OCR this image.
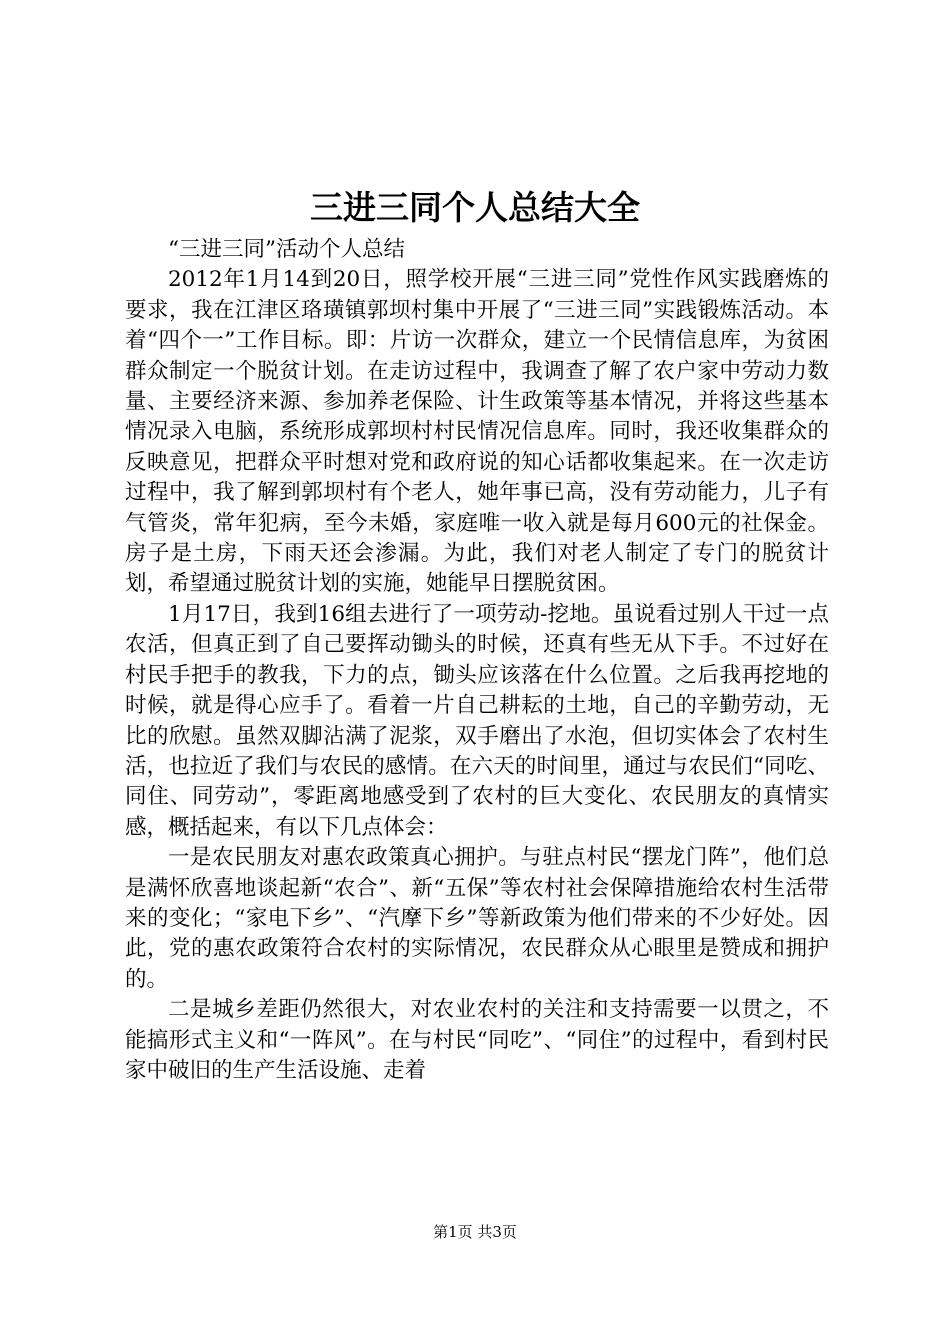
三进三同个人总结大全

“三进三同”活动个人总结

2012年1月14到20日，照学校开展“三进三同”党性作风实践磨炼的要求，我在江津区珞璜镇郭坝村集中开展了“三进三同”实践锻炼活动。本着“四个一”工作目标。即：片访一次群众，建立一个民情信息库，为贫困群众制定一个脱贫计划。在走访过程中，我调查了解了农户家中劳动力数量、主要经济来源、参加养老保险、计生政策等基本情况，并将这些基本情况录入电脑，系统形成郭坝村村民情况信息库。同时，我还收集群众的反映意见，把群众平时想对党和政府说的知心话都收集起来。在一次走访过程中，我了解到郭坝村有个老人，她年事已高，没有劳动能力，儿子有气管炎，常年犯病，至今未婚，家庭唯一收入就是每月600元的社保金。房子是土房，下雨天还会渗漏。为此，我们对老人制定了专门的脱贫计划，希望通过脱贫计划的实施，她能早日摆脱贫困。

1月17日，我到16组去进行了一项劳动-挖地。虽说看过别人干过一点农活，但真正到了自己要挥动锄头的时候，还真有些无从下手。不过好在村民手把手的教我，下力的点，锄头应该落在什么位置。之后我再挖地的时候，就是得心应手了。看着一片自己耕耘的土地，自己的辛勤劳动，无比的欣慰。虽然双脚沾满了泥浆，双手磨出了水泡，但切实体会了农村生活，也拉近了我们与农民的感情。在六天的时间里，通过与农民们“同吃、同住、同劳动”，零距离地感受到了农村的巨大变化、农民朋友的真情实感，概括起来，有以下几点体会：

一是农民朋友对惠农政策真心拥护。与驻点村民“摆龙门阵”，他们总是满怀欣喜地谈起新“农合”、新“五保”等农村社会保障措施给农村生活带来的变化；“家电下乡”、“汽摩下乡”等新政策为他们带来的不少好处。因此，党的惠农政策符合农村的实际情况，农民群众从心眼里是赞成和拥护的。

二是城乡差距仍然很大，对农业农村的关注和支持需要一以贯之，不能搞形式主义和“一阵风”。在与村民“同吃”、“同住”的过程中，看到村民家中破旧的生产生活设施、走着

第1页 共3页
